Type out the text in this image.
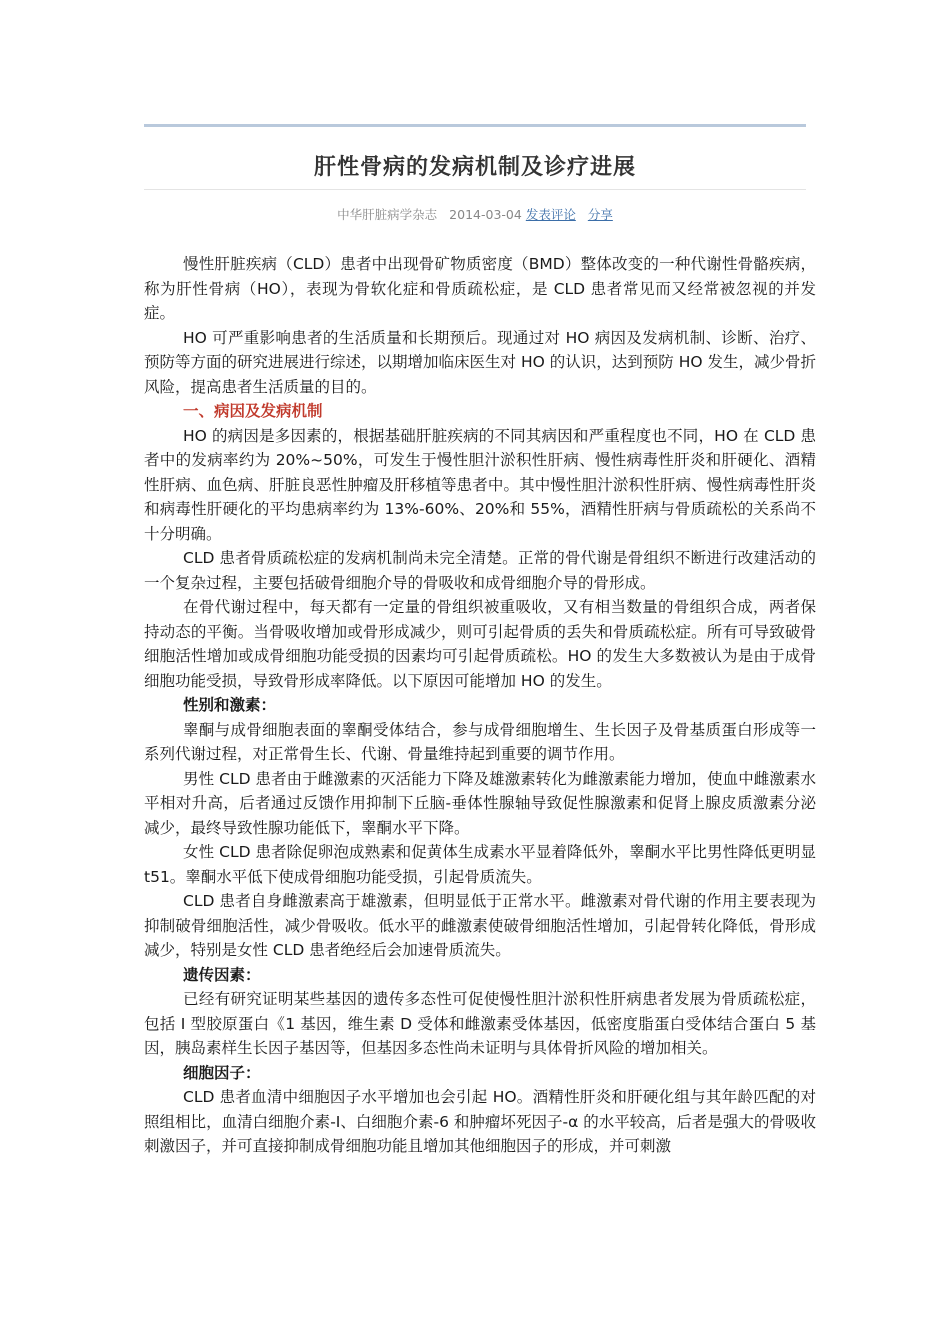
肝性骨病的发病机制及诊疗进展
中华肝脏病学杂志 2014-03-04 发表评论 分享

慢性肝脏疾病（CLD）患者中出现骨矿物质密度（BMD）整体改变的一种代谢性骨骼疾病，称为肝性骨病（HO），表现为骨软化症和骨质疏松症，是 CLD 患者常见而又经常被忽视的并发症。

HO 可严重影响患者的生活质量和长期预后。现通过对 HO 病因及发病机制、诊断、治疗、预防等方面的研究进展进行综述，以期增加临床医生对 HO 的认识，达到预防 HO 发生，减少骨折风险，提高患者生活质量的目的。

一、病因及发病机制

HO 的病因是多因素的，根据基础肝脏疾病的不同其病因和严重程度也不同，HO 在 CLD 患者中的发病率约为 20%~50%，可发生于慢性胆汁淤积性肝病、慢性病毒性肝炎和肝硬化、酒精性肝病、血色病、肝脏良恶性肿瘤及肝移植等患者中。其中慢性胆汁淤积性肝病、慢性病毒性肝炎和病毒性肝硬化的平均患病率约为 13%-60%、20%和 55%，酒精性肝病与骨质疏松的关系尚不十分明确。

CLD 患者骨质疏松症的发病机制尚未完全清楚。正常的骨代谢是骨组织不断进行改建活动的一个复杂过程，主要包括破骨细胞介导的骨吸收和成骨细胞介导的骨形成。

在骨代谢过程中，每天都有一定量的骨组织被重吸收，又有相当数量的骨组织合成，两者保持动态的平衡。当骨吸收增加或骨形成减少，则可引起骨质的丢失和骨质疏松症。所有可导致破骨细胞活性增加或成骨细胞功能受损的因素均可引起骨质疏松。HO 的发生大多数被认为是由于成骨细胞功能受损，导致骨形成率降低。以下原因可能增加 HO 的发生。

性别和激素：

睾酮与成骨细胞表面的睾酮受体结合，参与成骨细胞增生、生长因子及骨基质蛋白形成等一系列代谢过程，对正常骨生长、代谢、骨量维持起到重要的调节作用。

男性 CLD 患者由于雌激素的灭活能力下降及雄激素转化为雌激素能力增加，使血中雌激素水平相对升高，后者通过反馈作用抑制下丘脑-垂体性腺轴导致促性腺激素和促肾上腺皮质激素分泌减少，最终导致性腺功能低下，睾酮水平下降。

女性 CLD 患者除促卵泡成熟素和促黄体生成素水平显着降低外，睾酮水平比男性降低更明显 t51。睾酮水平低下使成骨细胞功能受损，引起骨质流失。

CLD 患者自身雌激素高于雄激素，但明显低于正常水平。雌激素对骨代谢的作用主要表现为抑制破骨细胞活性，减少骨吸收。低水平的雌激素使破骨细胞活性增加，引起骨转化降低，骨形成减少，特别是女性 CLD 患者绝经后会加速骨质流失。

遗传因素：

已经有研究证明某些基因的遗传多态性可促使慢性胆汁淤积性肝病患者发展为骨质疏松症，包括 I 型胶原蛋白《1 基因，维生素 D 受体和雌激素受体基因，低密度脂蛋白受体结合蛋白 5 基因，胰岛素样生长因子基因等，但基因多态性尚未证明与具体骨折风险的增加相关。

细胞因子：

CLD 患者血清中细胞因子水平增加也会引起 HO。酒精性肝炎和肝硬化组与其年龄匹配的对照组相比，血清白细胞介素-I、白细胞介素-6 和肿瘤坏死因子-α 的水平较高，后者是强大的骨吸收刺激因子，并可直接抑制成骨细胞功能且增加其他细胞因子的形成，并可刺激
